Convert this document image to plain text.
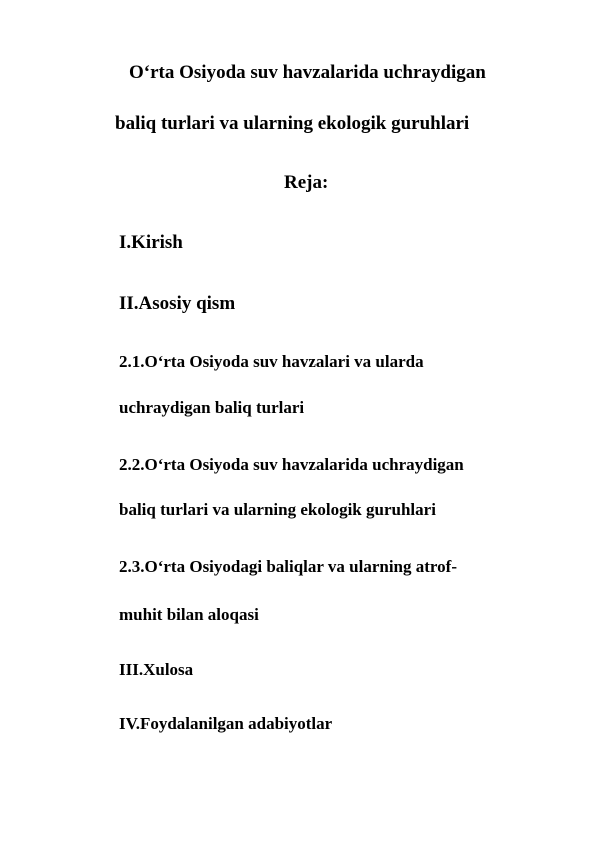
O‘rta Osiyoda suv havzalarida uchraydigan
baliq turlari va ularning ekologik guruhlari
Reja:
I.Kirish
II.Asosiy qism
2.1.O‘rta Osiyoda suv havzalari va ularda
uchraydigan baliq turlari
2.2.O‘rta Osiyoda suv havzalarida uchraydigan
baliq turlari va ularning ekologik guruhlari
2.3.O‘rta Osiyodagi baliqlar va ularning atrof-
muhit bilan aloqasi
III.Xulosa
IV.Foydalanilgan adabiyotlar
